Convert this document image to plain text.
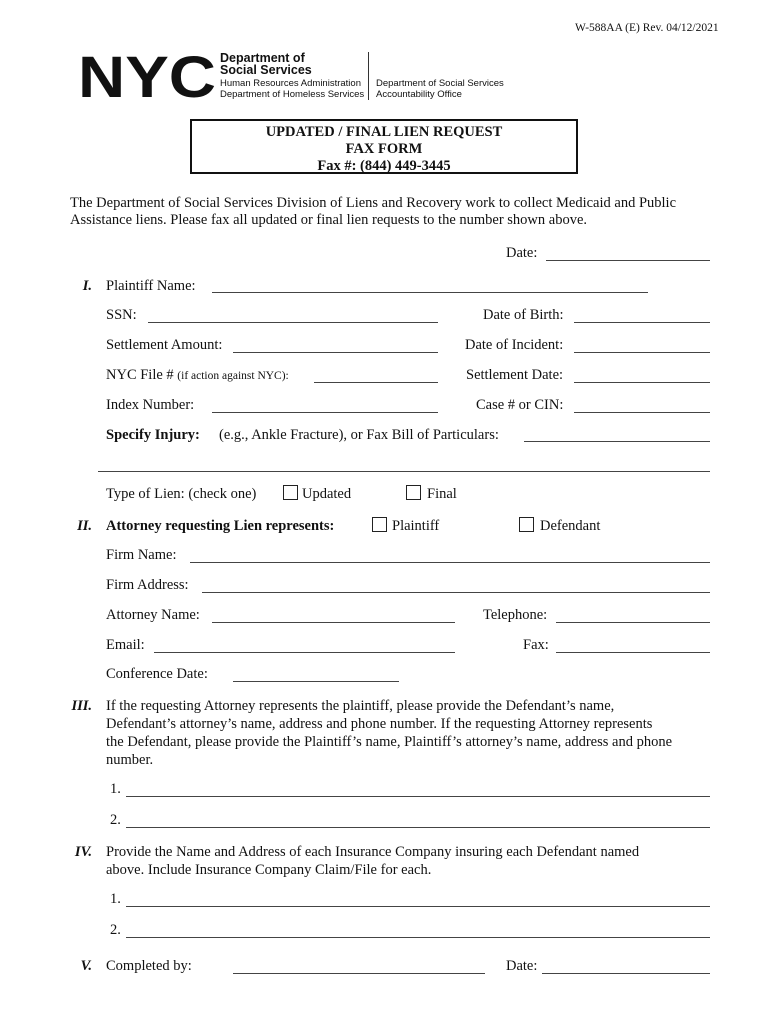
W-588AA (E) Rev. 04/12/2021
NYC Department of
Social Services
Human Resources Administration
Department of Homeless Services
Department of Social Services
Accountability Office
UPDATED / FINAL LIEN REQUEST
FAX FORM
Fax #: (844) 449-3445
The Department of Social Services Division of Liens and Recovery work to collect Medicaid and Public
Assistance liens. Please fax all updated or final lien requests to the number shown above.
Date:
I. Plaintiff Name:
SSN:	Date of Birth:
Settlement Amount:	Date of Incident:
NYC File # (if action against NYC):	Settlement Date:
Index Number:	Case # or CIN:
Specify Injury: (e.g., Ankle Fracture), or Fax Bill of Particulars:
Type of Lien: (check one)	Updated	Final
II. Attorney requesting Lien represents:	Plaintiff	Defendant
Firm Name:
Firm Address:
Attorney Name:	Telephone:
Email:	Fax:
Conference Date:
III. If the requesting Attorney represents the plaintiff, please provide the Defendant’s name,
Defendant’s attorney’s name, address and phone number. If the requesting Attorney represents
the Defendant, please provide the Plaintiff’s name, Plaintiff’s attorney’s name, address and phone
number.
1.
2.
IV. Provide the Name and Address of each Insurance Company insuring each Defendant named
above. Include Insurance Company Claim/File for each.
1.
2.
V. Completed by:	Date:
